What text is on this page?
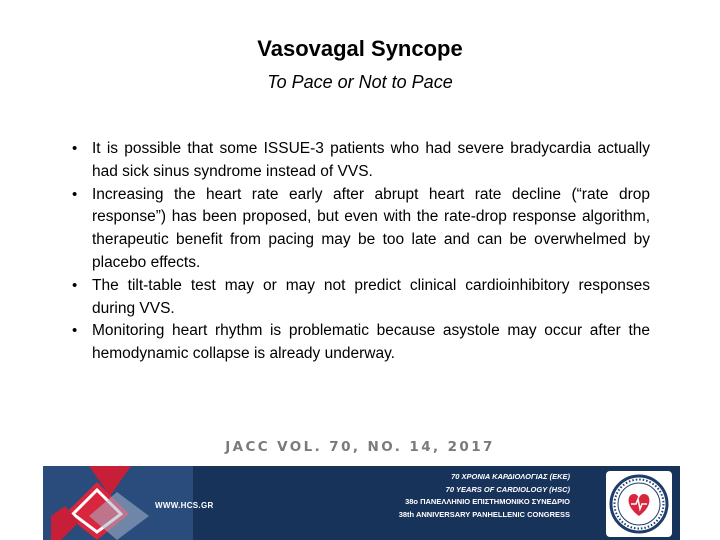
Vasovagal Syncope
To Pace or Not to Pace
• It is possible that some ISSUE-3 patients who had severe bradycardia actually had sick sinus syndrome instead of VVS.
• Increasing the heart rate early after abrupt heart rate decline (“rate drop response”) has been proposed, but even with the rate-drop response algorithm, therapeutic benefit from pacing may be too late and can be overwhelmed by placebo effects.
• The tilt-table test may or may not predict clinical cardioinhibitory responses during VVS.
• Monitoring heart rhythm is problematic because asystole may occur after the hemodynamic collapse is already underway.
JACC VOL. 70, NO. 14, 2017
WWW.HCS.GR
70 ΧΡΟΝΙΑ ΚΑΡΔΙΟΛΟΓΙΑΣ (ΕΚΕ)
70 YEARS OF CARDIOLOGY (HSC)
38ο ΠΑΝΕΛΛΗΝΙΟ ΕΠΙΣΤΗΜΟΝΙΚΟ ΣΥΝΕΔΡΙΟ
38th ANNIVERSARY PANHELLENIC CONGRESS
